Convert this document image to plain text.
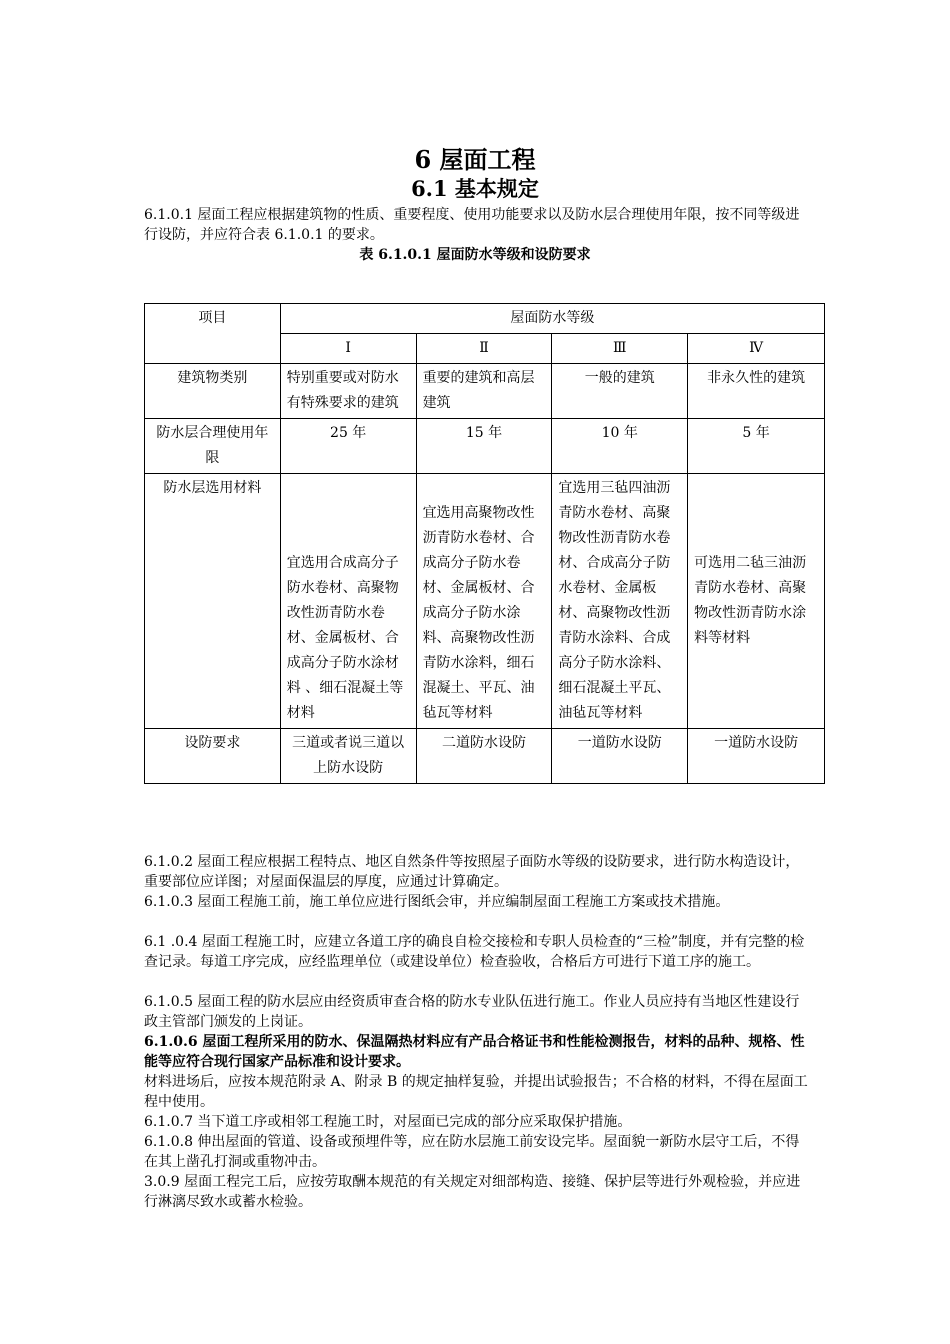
6 屋面工程
6.1 基本规定
6.1.0.1 屋面工程应根据建筑物的性质、重要程度、使用功能要求以及防水层合理使用年限，按不同等级进行设防，并应符合表 6.1.0.1 的要求。
表 6.1.0.1 屋面防水等级和设防要求
项目	屋面防水等级			
	Ⅰ	Ⅱ	Ⅲ	Ⅳ
建筑物类别	特别重要或对防水有特殊要求的建筑	重要的建筑和高层建筑	一般的建筑	非永久性的建筑
防水层合理使用年限	25 年	15 年	10 年	5 年
防水层选用材料	宜选用合成高分子防水卷材、高聚物改性沥青防水卷材、金属板材、合成高分子防水涂材料 、细石混凝土等材料	宜选用高聚物改性沥青防水卷材、合成高分子防水卷材、金属板材、合成高分子防水涂料、高聚物改性沥青防水涂料，细石混凝土、平瓦、油毡瓦等材料	宜选用三毡四油沥青防水卷材、高聚物改性沥青防水卷材、合成高分子防水卷材、金属板材、高聚物改性沥青防水涂料、合成高分子防水涂料、细石混凝土平瓦、油毡瓦等材料	可选用二毡三油沥青防水卷材、高聚物改性沥青防水涂料等材料
设防要求	三道或者说三道以上防水设防	二道防水设防	一道防水设防	一道防水设防
6.1.0.2 屋面工程应根据工程特点、地区自然条件等按照屋子面防水等级的设防要求，进行防水构造设计，重要部位应详图；对屋面保温层的厚度，应通过计算确定。
6.1.0.3 屋面工程施工前，施工单位应进行图纸会审，并应编制屋面工程施工方案或技术措施。
6.1 .0.4 屋面工程施工时，应建立各道工序的确良自检交接检和专职人员检查的“三检”制度，并有完整的检查记录。每道工序完成，应经监理单位（或建设单位）检查验收，合格后方可进行下道工序的施工。
6.1.0.5 屋面工程的防水层应由经资质审查合格的防水专业队伍进行施工。作业人员应持有当地区性建设行政主管部门颁发的上岗证。
6.1.0.6 屋面工程所采用的防水、保温隔热材料应有产品合格证书和性能检测报告，材料的品种、规格、性能等应符合现行国家产品标准和设计要求。
材料进场后，应按本规范附录 A、附录 B 的规定抽样复验，并提出试验报告；不合格的材料，不得在屋面工程中使用。
6.1.0.7 当下道工序或相邻工程施工时，对屋面已完成的部分应采取保护措施。
6.1.0.8 伸出屋面的管道、设备或预埋件等，应在防水层施工前安设完毕。屋面貌一新防水层守工后，不得在其上凿孔打洞或重物冲击。
3.0.9 屋面工程完工后，应按劳取酬本规范的有关规定对细部构造、接缝、保护层等进行外观检验，并应进行淋漓尽致水或蓄水检验。
